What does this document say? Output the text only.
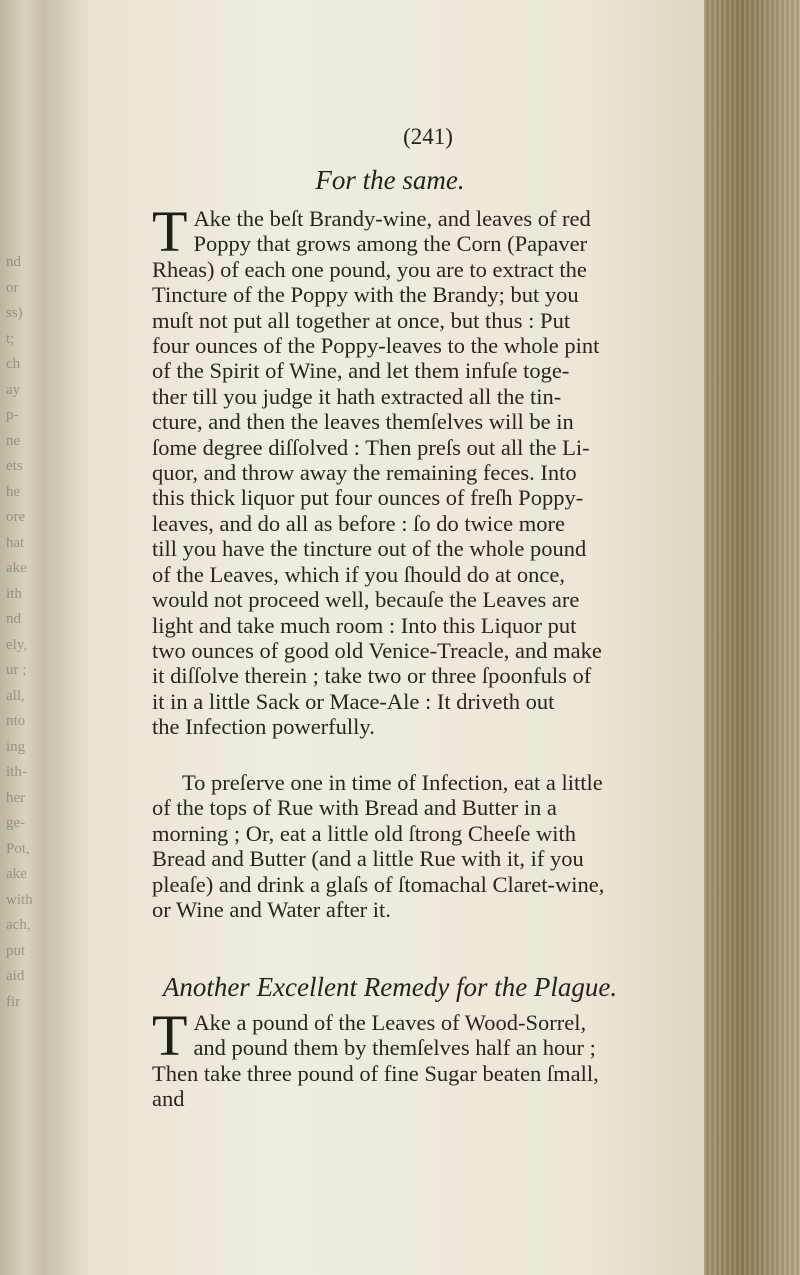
nd
or
ss)
t;
ch
ay
p-
ne
ets
he
ore
hat
ake
ith
nd
ely,
ur ;
all,
nto
ing
ith-
her
ge-
Pot,
ake
with
ach,
put
aid
fir
(241)
For the same.
T Ake the beſt Brandy-wine, and leaves of red
Poppy that grows among the Corn (Papaver
Rheas) of each one pound, you are to extract the
Tincture of the Poppy with the Brandy; but you
muſt not put all together at once, but thus : Put
four ounces of the Poppy-leaves to the whole pint
of the Spirit of Wine, and let them infuſe toge-
ther till you judge it hath extracted all the tin-
cture, and then the leaves themſelves will be in
ſome degree diſſolved : Then preſs out all the Li-
quor, and throw away the remaining feces. Into
this thick liquor put four ounces of freſh Poppy-
leaves, and do all as before : ſo do twice more
till you have the tincture out of the whole pound
of the Leaves, which if you ſhould do at once,
would not proceed well, becauſe the Leaves are
light and take much room : Into this Liquor put
two ounces of good old Venice-Treacle, and make
it diſſolve therein ; take two or three ſpoonfuls of
it in a little Sack or Mace-Ale : It driveth out
the Infection powerfully.
To preſerve one in time of Infection, eat a little
of the tops of Rue with Bread and Butter in a
morning ; Or, eat a little old ſtrong Cheeſe with
Bread and Butter (and a little Rue with it, if you
pleaſe) and drink a glaſs of ſtomachal Claret-wine,
or Wine and Water after it.
Another Excellent Remedy for the Plague.
T Ake a pound of the Leaves of Wood-Sorrel,
and pound them by themſelves half an hour ;
Then take three pound of fine Sugar beaten ſmall,
and
